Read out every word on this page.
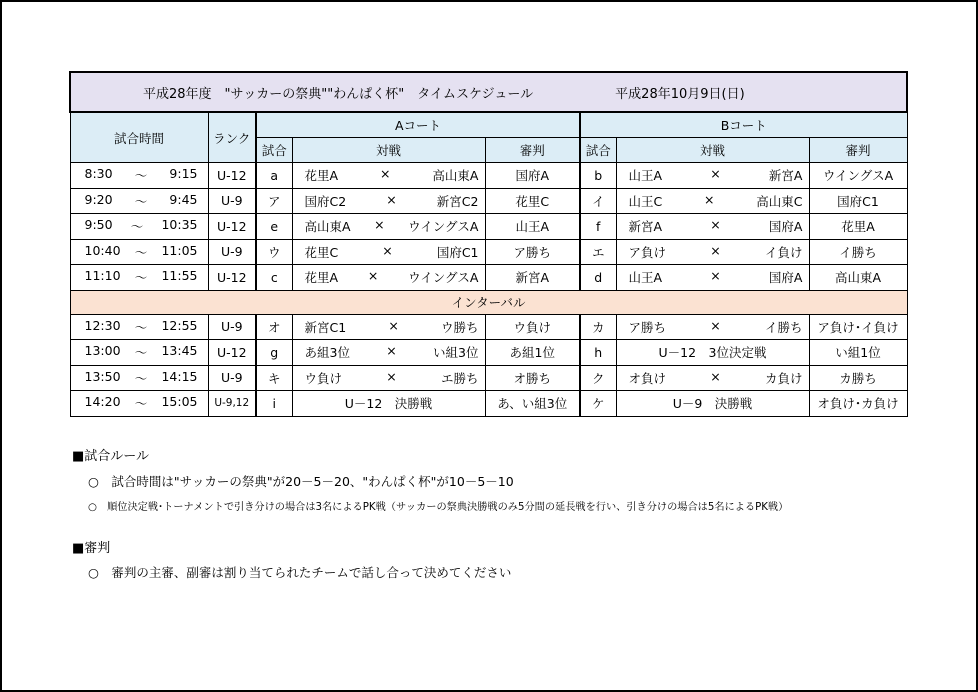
平成28年度　"サッカーの祭典""わんぱく杯"　タイムスケジュール 平成28年10月9日(日)							

試合時間	ランク	Aコート			Bコート		
		試合	対戦	審判	試合	対戦	審判

8:30 ～ 9:15	U-12	a	花里A × 高山東A	国府A	b	山王A × 新宮A	ウイングスA

9:20 ～ 9:45	U-9	ア	国府C2 × 新宮C2	花里C	イ	山王C × 高山東C	国府C1

9:50 ～ 10:35	U-12	e	高山東A × ウイングスA	山王A	f	新宮A × 国府A	花里A

10:40 ～ 11:05	U-9	ウ	花里C × 国府C1	ア勝ち	エ	ア負け × イ負け	イ勝ち

11:10 ～ 11:55	U-12	c	花里A × ウイングスA	新宮A	d	山王A × 国府A	高山東A
インターバル							

12:30 ～ 12:55	U-9	オ	新宮C1 × ウ勝ち	ウ負け	カ	ア勝ち × イ勝ち	ア負け･イ負け

13:00 ～ 13:45	U-12	g	あ組3位 × い組3位	あ組1位	h	U－12　3位決定戦	い組1位

13:50 ～ 14:15	U-9	キ	ウ負け × エ勝ち	オ勝ち	ク	オ負け × カ負け	カ勝ち

14:20 ～ 15:05	U-9,12	i	U－12　決勝戦	あ、い組3位	ケ	U－9　決勝戦	オ負け･カ負け
■試合ルール
○　試合時間は"サッカーの祭典"が20－5－20、"わんぱく杯"が10－5－10
○　順位決定戦･トーナメントで引き分けの場合は3名によるPK戦（サッカーの祭典決勝戦のみ5分間の延長戦を行い、引き分けの場合は5名によるPK戦）
■審判
○　審判の主審、副審は割り当てられたチームで話し合って決めてください
